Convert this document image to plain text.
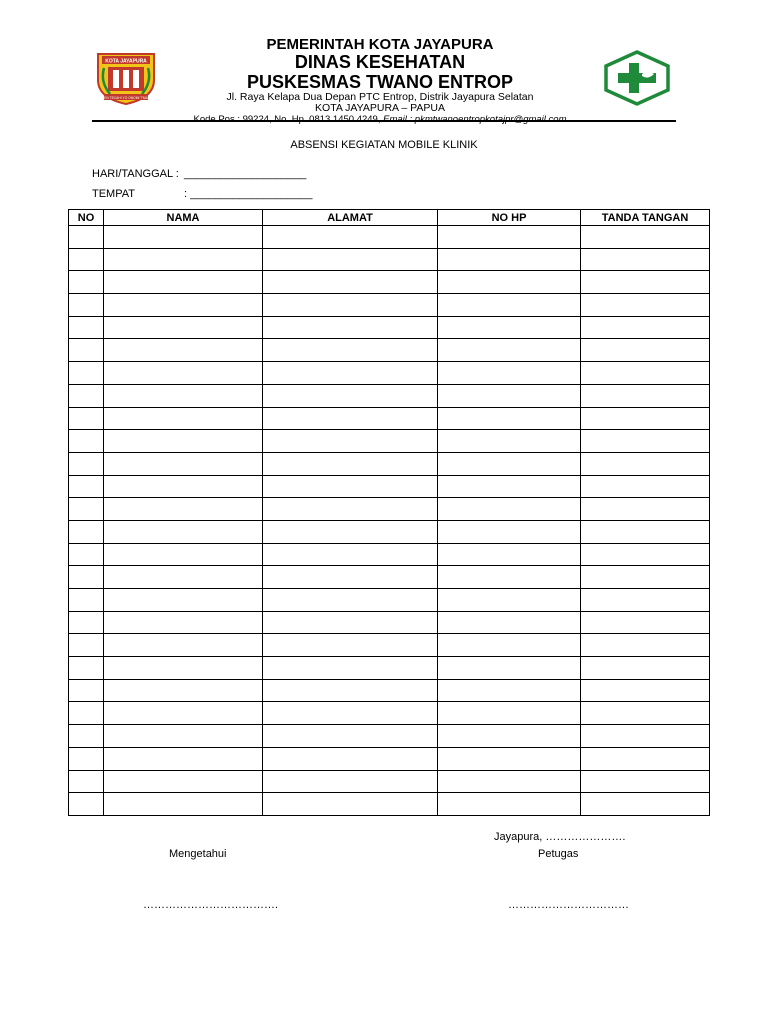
KOTA JAYAPURA
HEN TECAHI YO ONOMI T'MAR
PEMERINTAH KOTA JAYAPURA
DINAS KESEHATAN
PUSKESMAS TWANO ENTROP
Jl. Raya Kelapa Dua Depan PTC Entrop, Distrik Jayapura Selatan
KOTA JAYAPURA – PAPUA
Kode Pos : 99224, No. Hp. 0813 1450 4249, Email : pkmtwanoentropkotajpr@gmail.com
ABSENSI KEGIATAN MOBILE KLINIK
HARI/TANGGAL : ____________________
TEMPAT	: ____________________
NO	NAMA	ALAMAT	NO HP	TANDA TANGAN

Jayapura, ………………….
Mengetahui	Petugas
……………………………….	……………………………
